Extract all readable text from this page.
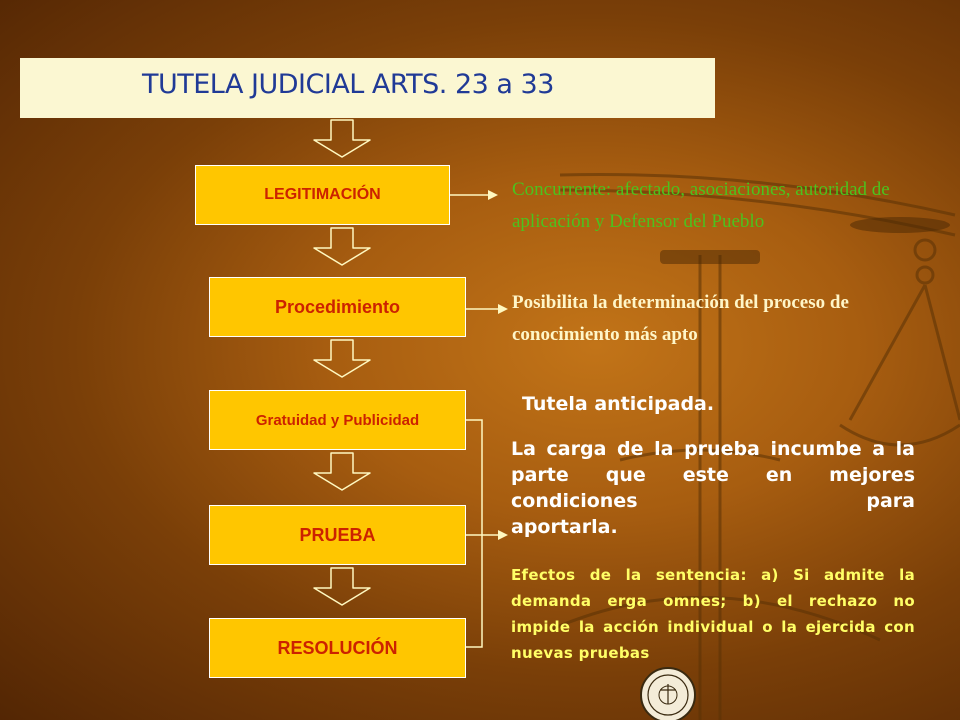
TUTELA JUDICIAL ARTS. 23 a 33
LEGITIMACIÓN
Procedimiento
Gratuidad y Publicidad
PRUEBA
RESOLUCIÓN
Concurrente: afectado, asociaciones, autoridad de aplicación y Defensor del Pueblo
Posibilita la determinación del proceso de conocimiento más apto
Tutela anticipada.
La carga de la prueba incumbe a la parte que este en mejores condiciones para
aportarla.
Efectos de la sentencia: a) Si admite la demanda erga omnes; b) el rechazo no impide la acción individual o la ejercida con nuevas pruebas
